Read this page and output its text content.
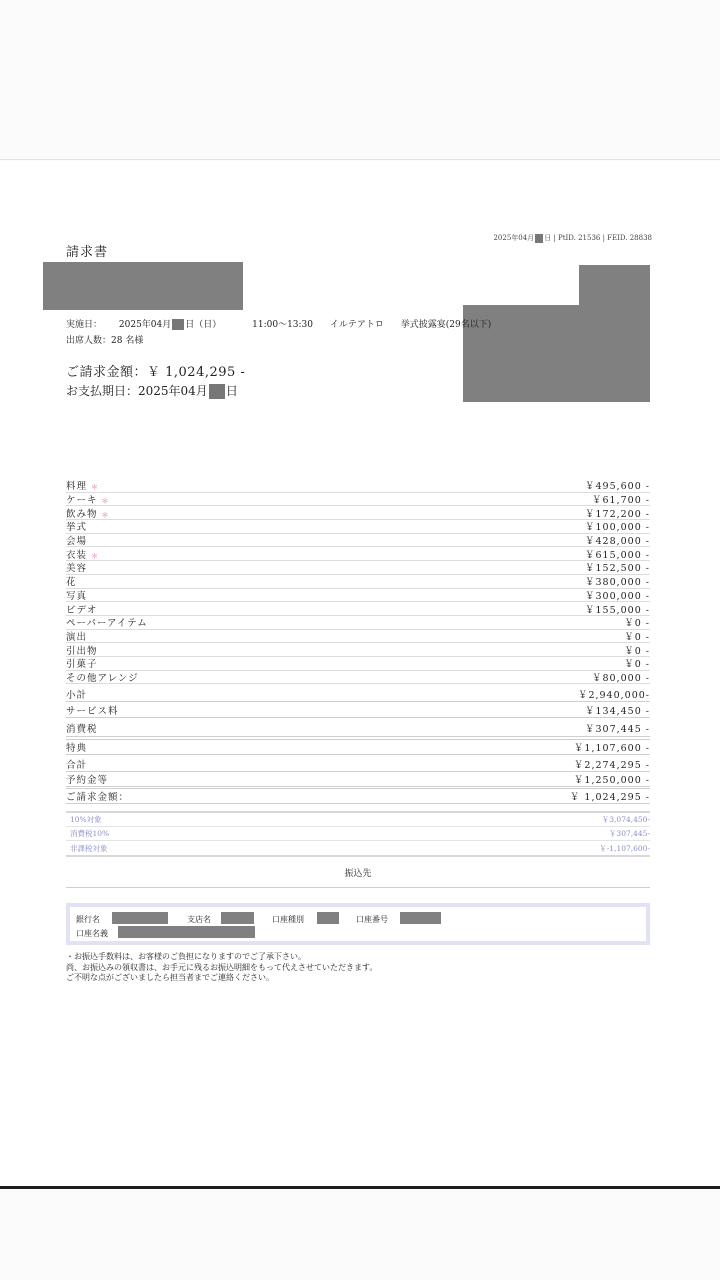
2025年04月 日 | PtID. 21536 | FEID. 28838
請求書
実施日： 2025年04月 日（日）	11:00～13:30 イルテアトロ 挙式披露宴(29名以下)
出席人数：28 名様
ご請求金額：￥ 1,024,295 -
お支払期日：2025年04月 日
料理 ＊	￥495,600 -
ケーキ ＊	￥61,700 -
飲み物 ＊	￥172,200 -
挙式	￥100,000 -
会場	￥428,000 -
衣装 ＊	￥615,000 -
美容	￥152,500 -
花	￥380,000 -
写真	￥300,000 -
ビデオ	￥155,000 -
ペーパーアイテム	￥0 -
演出	￥0 -
引出物	￥0 -
引菓子	￥0 -
その他アレンジ	￥80,000 -
小計	￥2,940,000-
サービス料	￥134,450 -
消費税	￥307,445 -
特典	￥1,107,600 -
合計	￥2,274,295 -
予約金等	￥1,250,000 -
ご請求金額：	￥ 1,024,295 -
10%対象	￥3,074,450-
消費税10%	￥307,445-
非課税対象	￥-1,107,600-
振込先
銀行名	支店名	口座種別	口座番号
口座名義
・お振込手数料は、お客様のご負担になりますのでご了承下さい。
尚、お振込みの領収書は、お手元に残るお振込明細をもって代えさせていただきます。
ご不明な点がございましたら担当者までご連絡ください。
